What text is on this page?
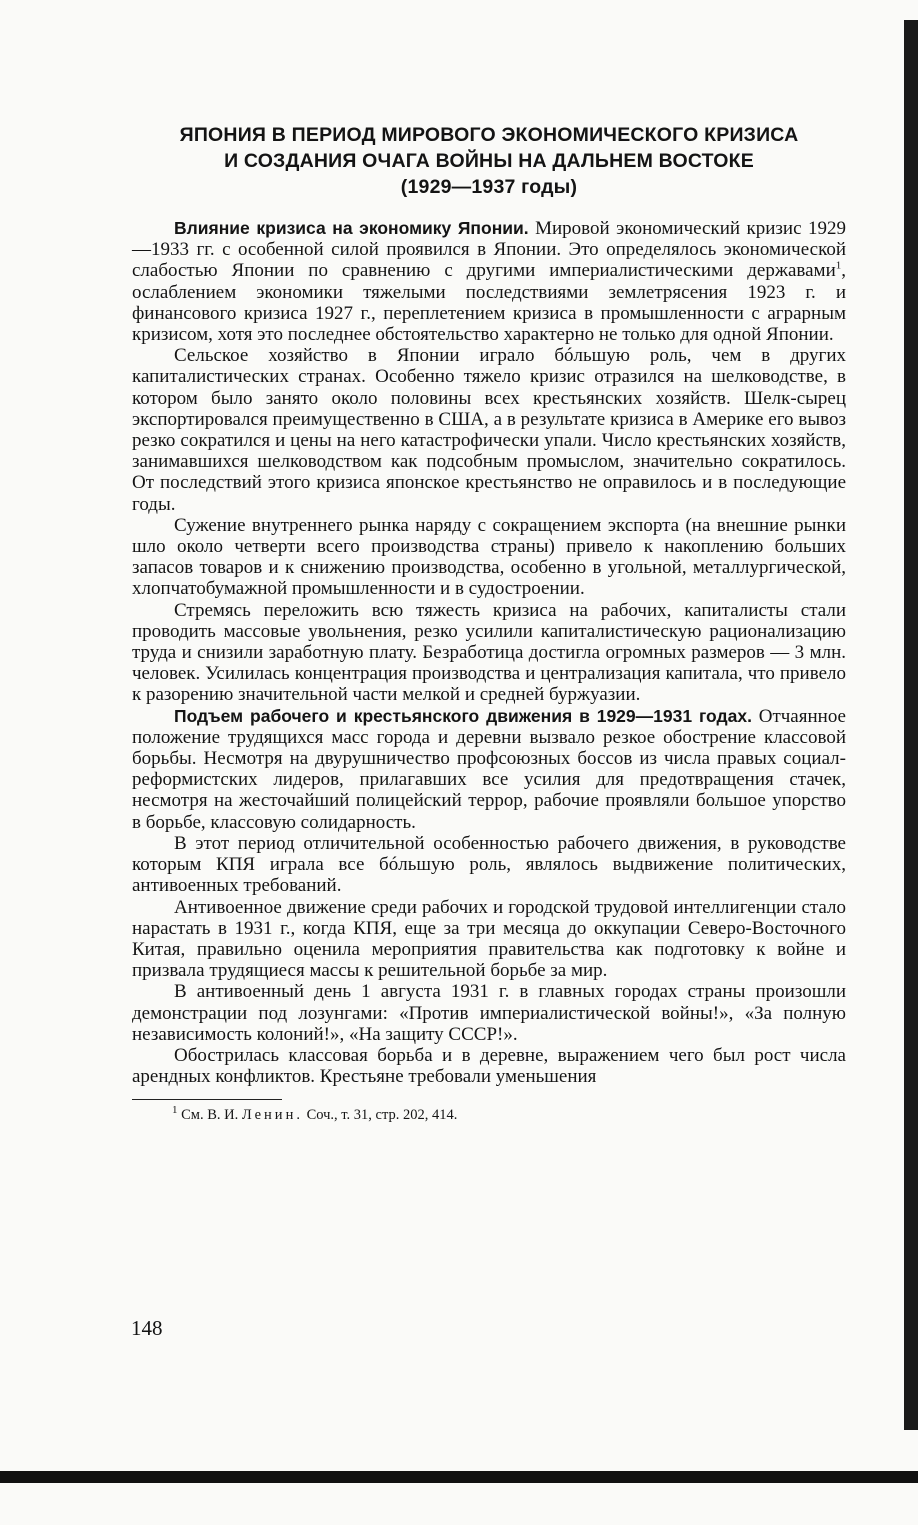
ЯПОНИЯ В ПЕРИОД МИРОВОГО ЭКОНОМИЧЕСКОГО КРИЗИСА
И СОЗДАНИЯ ОЧАГА ВОЙНЫ НА ДАЛЬНЕМ ВОСТОКЕ
(1929—1937 годы)

Влияние кризиса на экономику Японии. Мировой экономический кризис 1929—1933 гг. с особенной силой проявился в Японии. Это определялось экономической слабостью Японии по сравнению с другими империалистическими державами$^1$, ослаблением экономики тяжелыми последствиями землетрясения 1923 г. и финансового кризиса 1927 г., переплетением кризиса в промышленности с аграрным кризисом, хотя это последнее обстоятельство характерно не только для одной Японии.

Сельское хозяйство в Японии играло бóльшую роль, чем в других капиталистических странах. Особенно тяжело кризис отразился на шелководстве, в котором было занято около половины всех крестьянских хозяйств. Шелк-сырец экспортировался преимущественно в США, а в результате кризиса в Америке его вывоз резко сократился и цены на него катастрофически упали. Число крестьянских хозяйств, занимавшихся шелководством как подсобным промыслом, значительно сократилось. От последствий этого кризиса японское крестьянство не оправилось и в последующие годы.

Сужение внутреннего рынка наряду с сокращением экспорта (на внешние рынки шло около четверти всего производства страны) привело к накоплению больших запасов товаров и к снижению производства, особенно в угольной, металлургической, хлопчатобумажной промышленности и в судостроении.

Стремясь переложить всю тяжесть кризиса на рабочих, капиталисты стали проводить массовые увольнения, резко усилили капиталистическую рационализацию труда и снизили заработную плату. Безработица достигла огромных размеров — 3 млн. человек. Усилилась концентрация производства и централизация капитала, что привело к разорению значительной части мелкой и средней буржуазии.

Подъем рабочего и крестьянского движения в 1929—1931 годах. Отчаянное положение трудящихся масс города и деревни вызвало резкое обострение классовой борьбы. Несмотря на двурушничество профсоюзных боссов из числа правых социал-реформистских лидеров, прилагавших все усилия для предотвращения стачек, несмотря на жесточайший полицейский террор, рабочие проявляли большое упорство в борьбе, классовую солидарность.

В этот период отличительной особенностью рабочего движения, в руководстве которым КПЯ играла все бóльшую роль, являлось выдвижение политических, антивоенных требований.

Антивоенное движение среди рабочих и городской трудовой интеллигенции стало нарастать в 1931 г., когда КПЯ, еще за три месяца до оккупации Северо-Восточного Китая, правильно оценила мероприятия правительства как подготовку к войне и призвала трудящиеся массы к решительной борьбе за мир.

В антивоенный день 1 августа 1931 г. в главных городах страны произошли демонстрации под лозунгами: «Против империалистической войны!», «За полную независимость колоний!», «На защиту СССР!».

Обострилась классовая борьба и в деревне, выражением чего был рост числа арендных конфликтов. Крестьяне требовали уменьшения

$^1$ См. В. И. Ленин. Соч., т. 31, стр. 202, 414.

148
